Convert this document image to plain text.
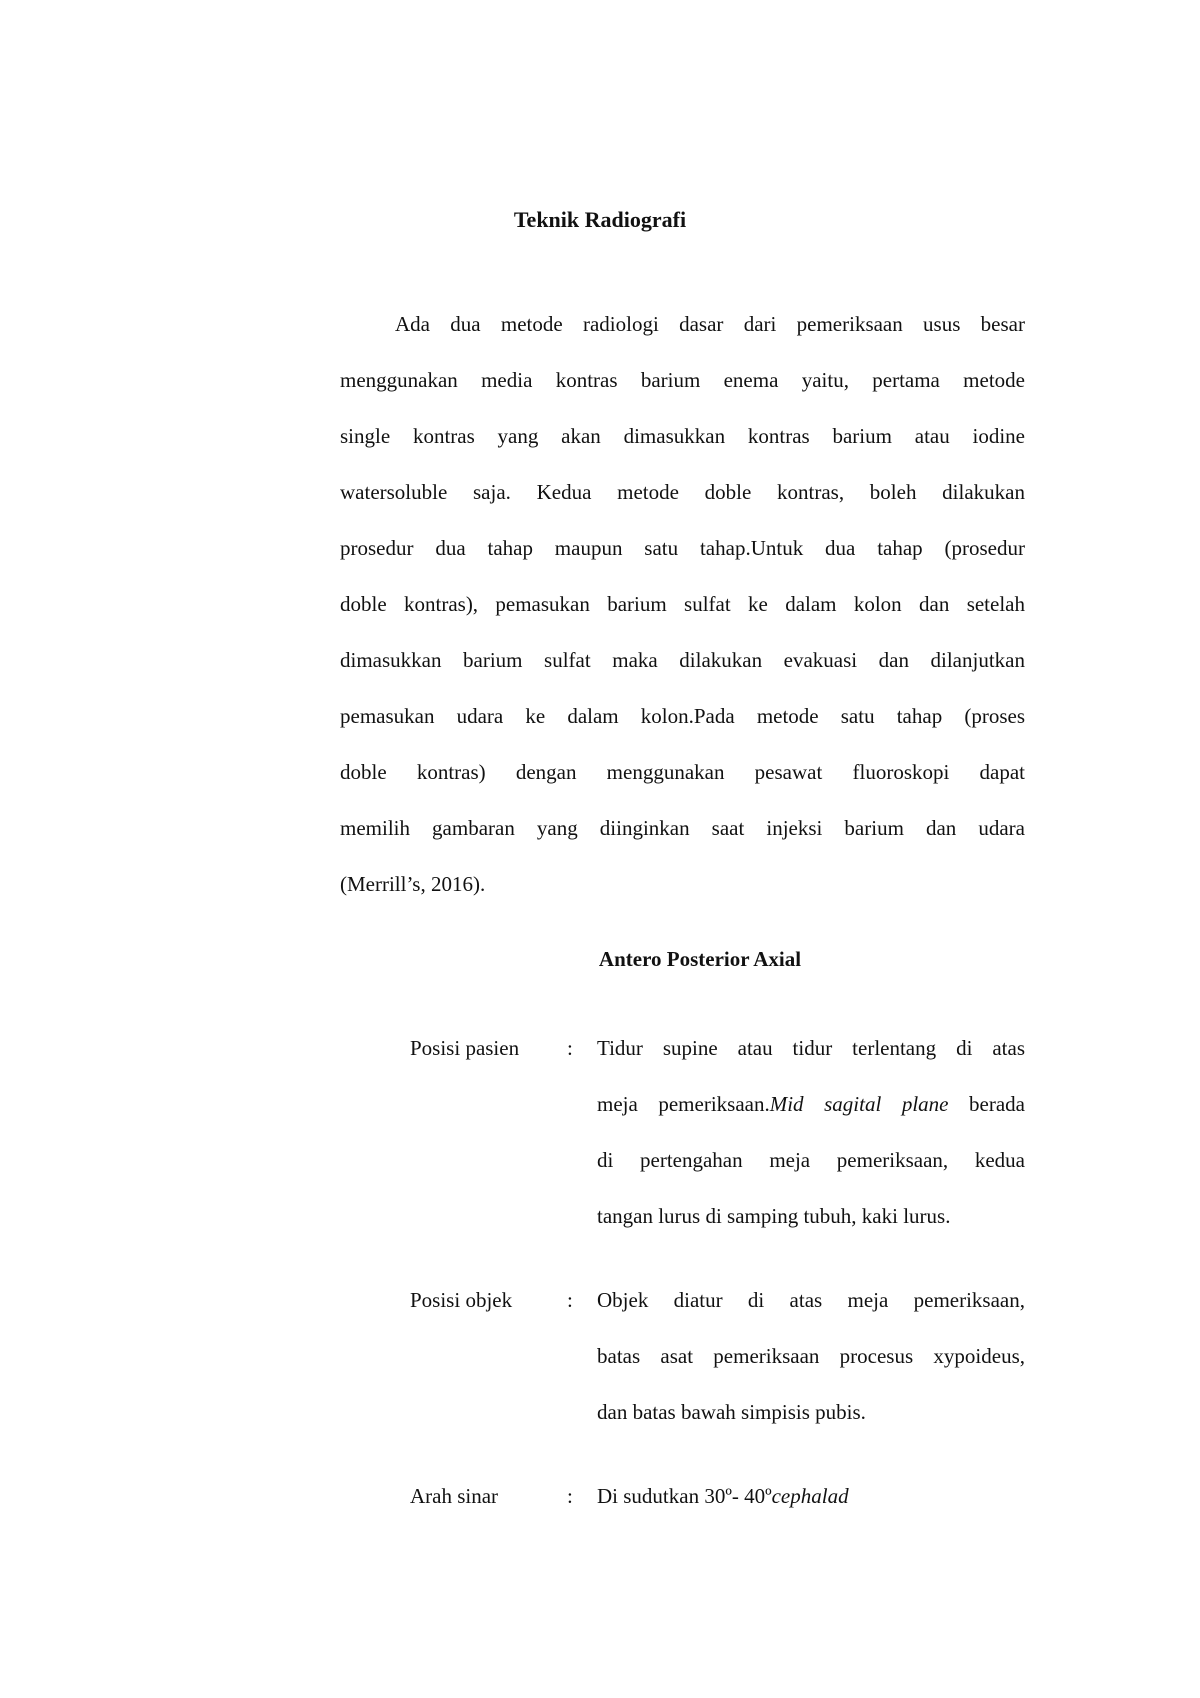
Teknik Radiografi
Ada dua metode radiologi dasar dari pemeriksaan usus besar
menggunakan media kontras barium enema yaitu, pertama metode
single kontras yang akan dimasukkan kontras barium atau iodine
watersoluble saja. Kedua metode doble kontras, boleh dilakukan
prosedur dua tahap maupun satu tahap.Untuk dua tahap (prosedur
doble kontras), pemasukan barium sulfat ke dalam kolon dan setelah
dimasukkan barium sulfat maka dilakukan evakuasi dan dilanjutkan
pemasukan udara ke dalam kolon.Pada metode satu tahap (proses
doble kontras) dengan menggunakan pesawat fluoroskopi dapat
memilih gambaran yang diinginkan saat injeksi barium dan udara
(Merrill’s, 2016).
Antero Posterior Axial
Posisi pasien : Tidur supine atau tidur terlentang di atas
meja pemeriksaan.Mid sagital plane berada
di pertengahan meja pemeriksaan, kedua
tangan lurus di samping tubuh, kaki lurus.
Posisi objek	: Objek diatur di atas meja pemeriksaan,
batas asat pemeriksaan procesus xypoideus,
dan batas bawah simpisis pubis.
Arah sinar	: Di sudutkan 30º- 40ºcephalad
